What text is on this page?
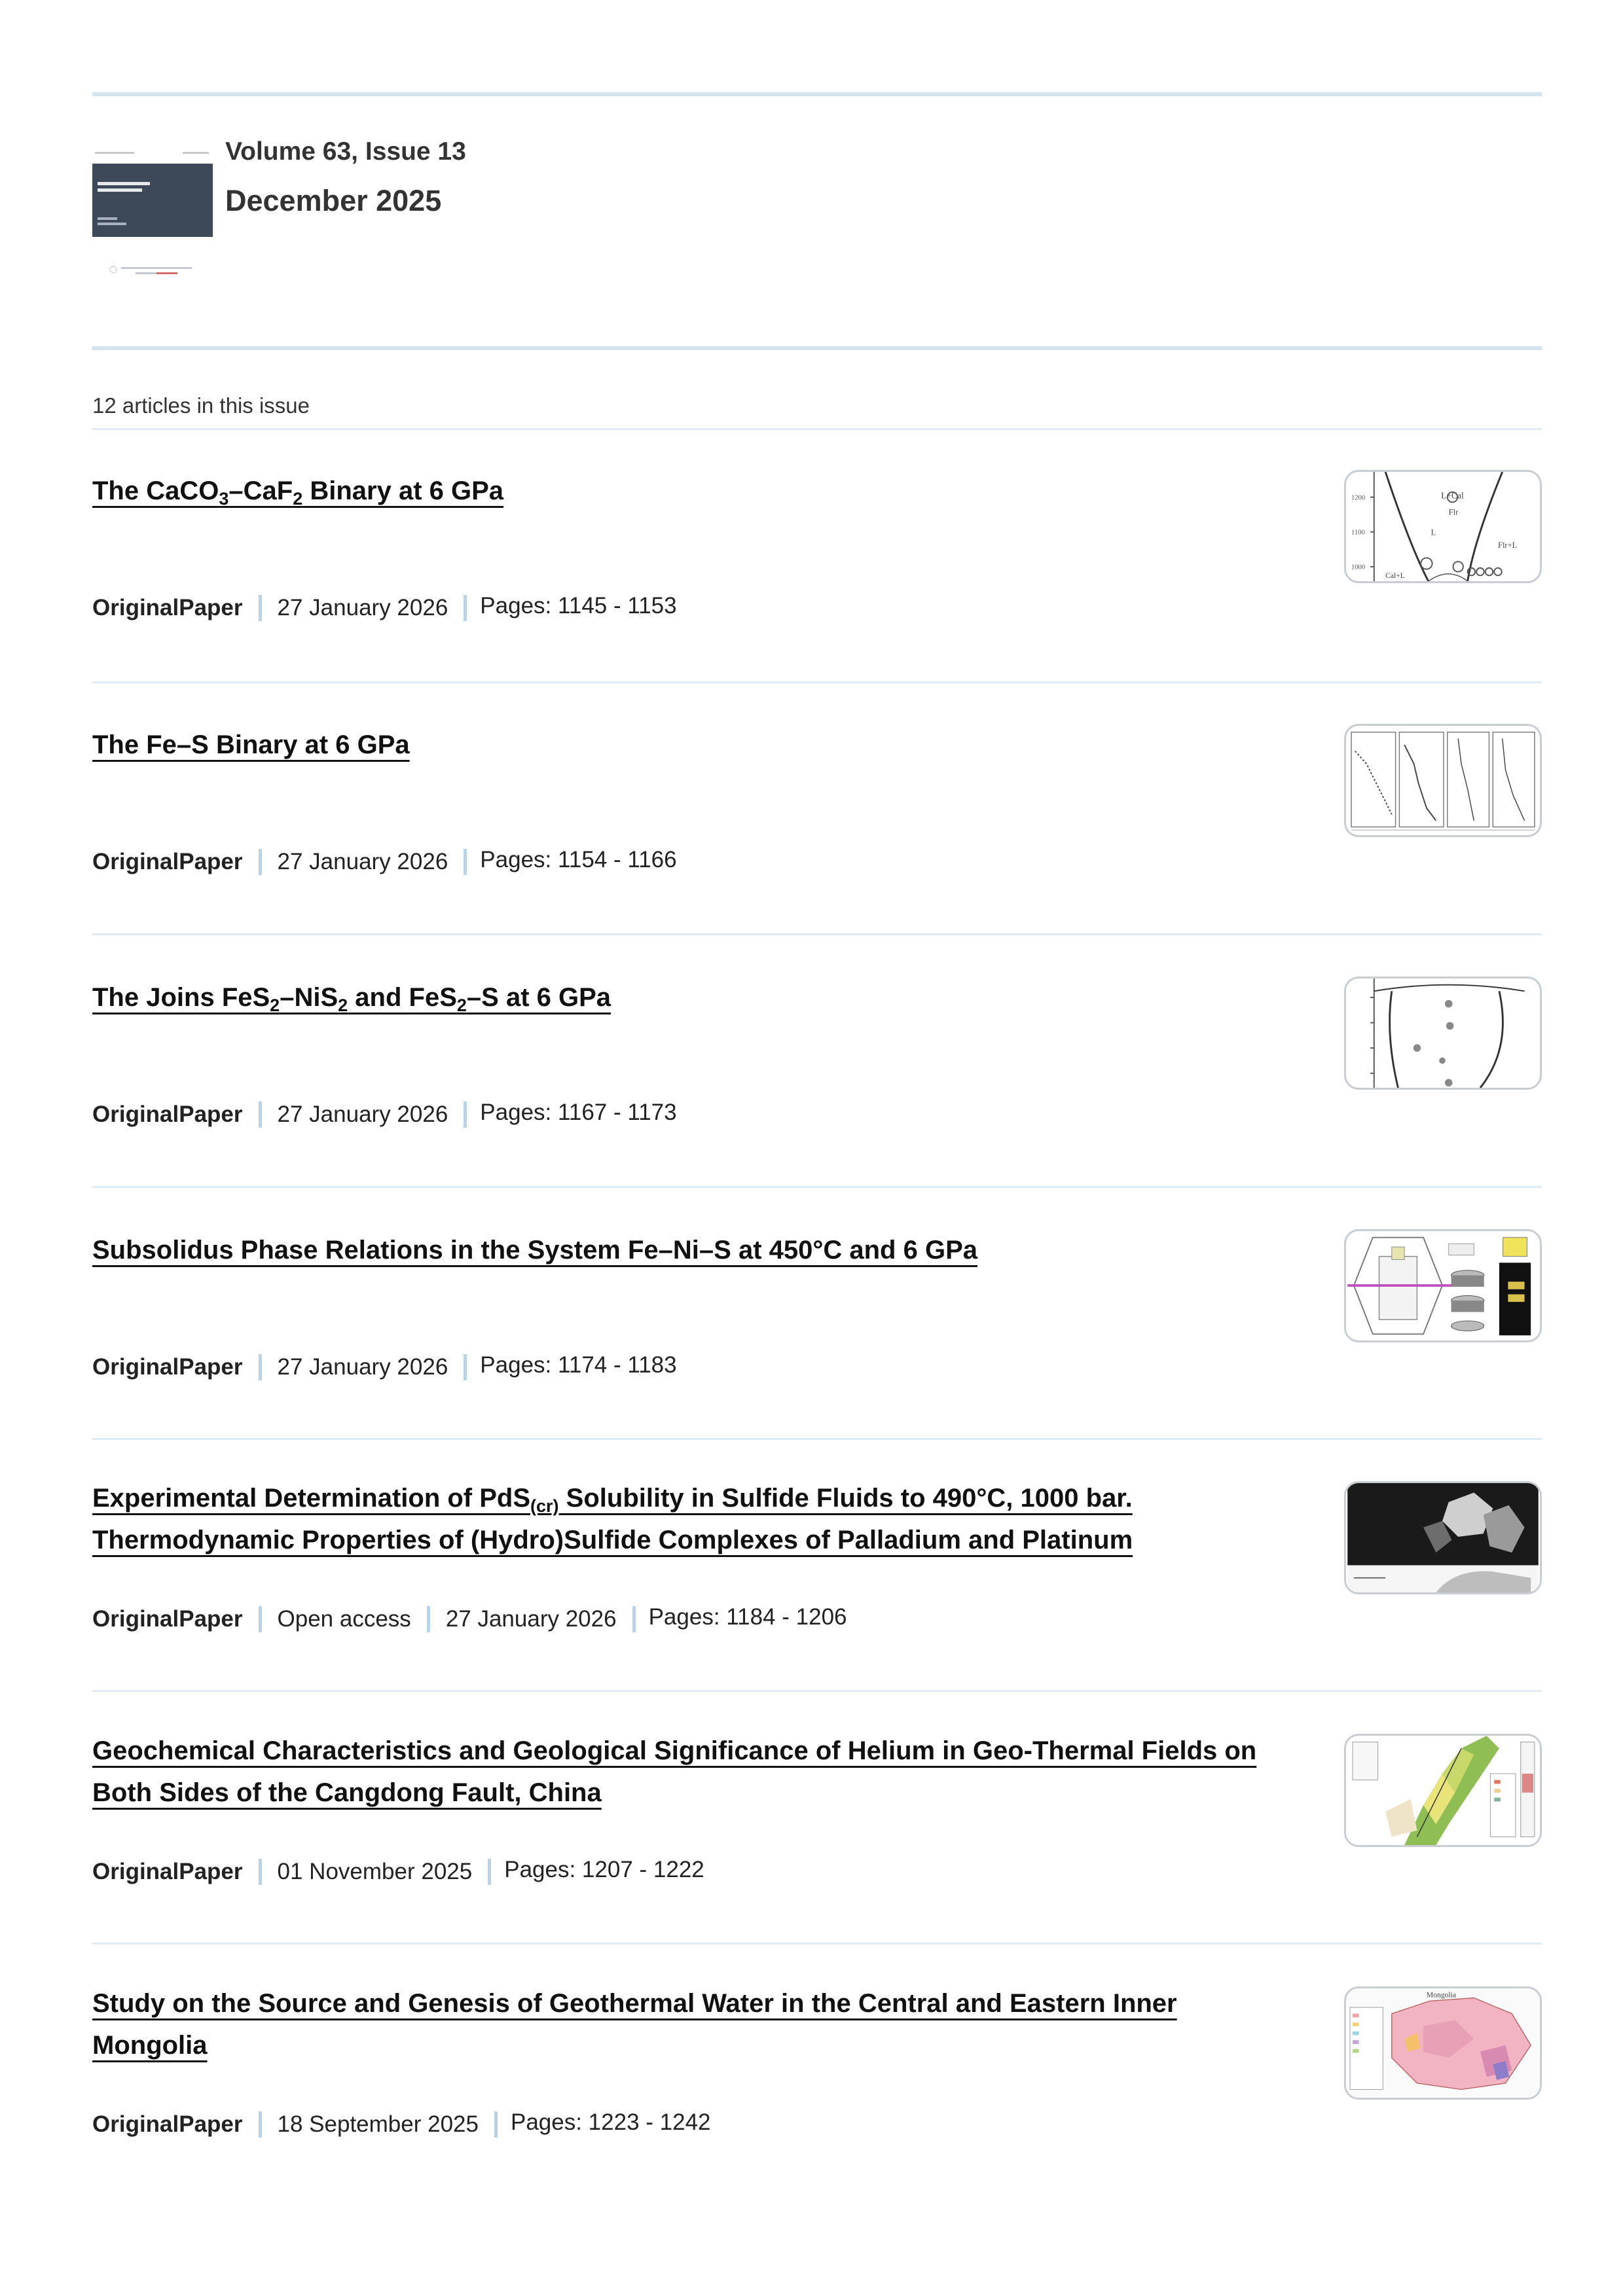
Volume 63, Issue 13
December 2025
12 articles in this issue
The CaCO$_3$–CaF$_2$ Binary at 6 GPa
OriginalPaper 27 January 2026 Pages: 1145 - 1153
1200
1100
1000
L+Cal
Flr
L
Flr+L
Cal+L
The Fe–S Binary at 6 GPa
OriginalPaper 27 January 2026 Pages: 1154 - 1166
The Joins FeS$_2$–NiS$_2$ and FeS$_2$–S at 6 GPa
OriginalPaper 27 January 2026 Pages: 1167 - 1173
Subsolidus Phase Relations in the System Fe–Ni–S at 450°C and 6 GPa
OriginalPaper 27 January 2026 Pages: 1174 - 1183
Experimental Determination of PdS$_{(cr)}$ Solubility in Sulfide Fluids to 490°C, 1000 bar. Thermodynamic Properties of (Hydro)Sulfide Complexes of Palladium and Platinum
OriginalPaper Open access 27 January 2026 Pages: 1184 - 1206
Geochemical Characteristics and Geological Significance of Helium in Geo-Thermal Fields on Both Sides of the Cangdong Fault, China
OriginalPaper 01 November 2025 Pages: 1207 - 1222
Study on the Source and Genesis of Geothermal Water in the Central and Eastern Inner Mongolia
OriginalPaper 18 September 2025 Pages: 1223 - 1242
Mongolia
